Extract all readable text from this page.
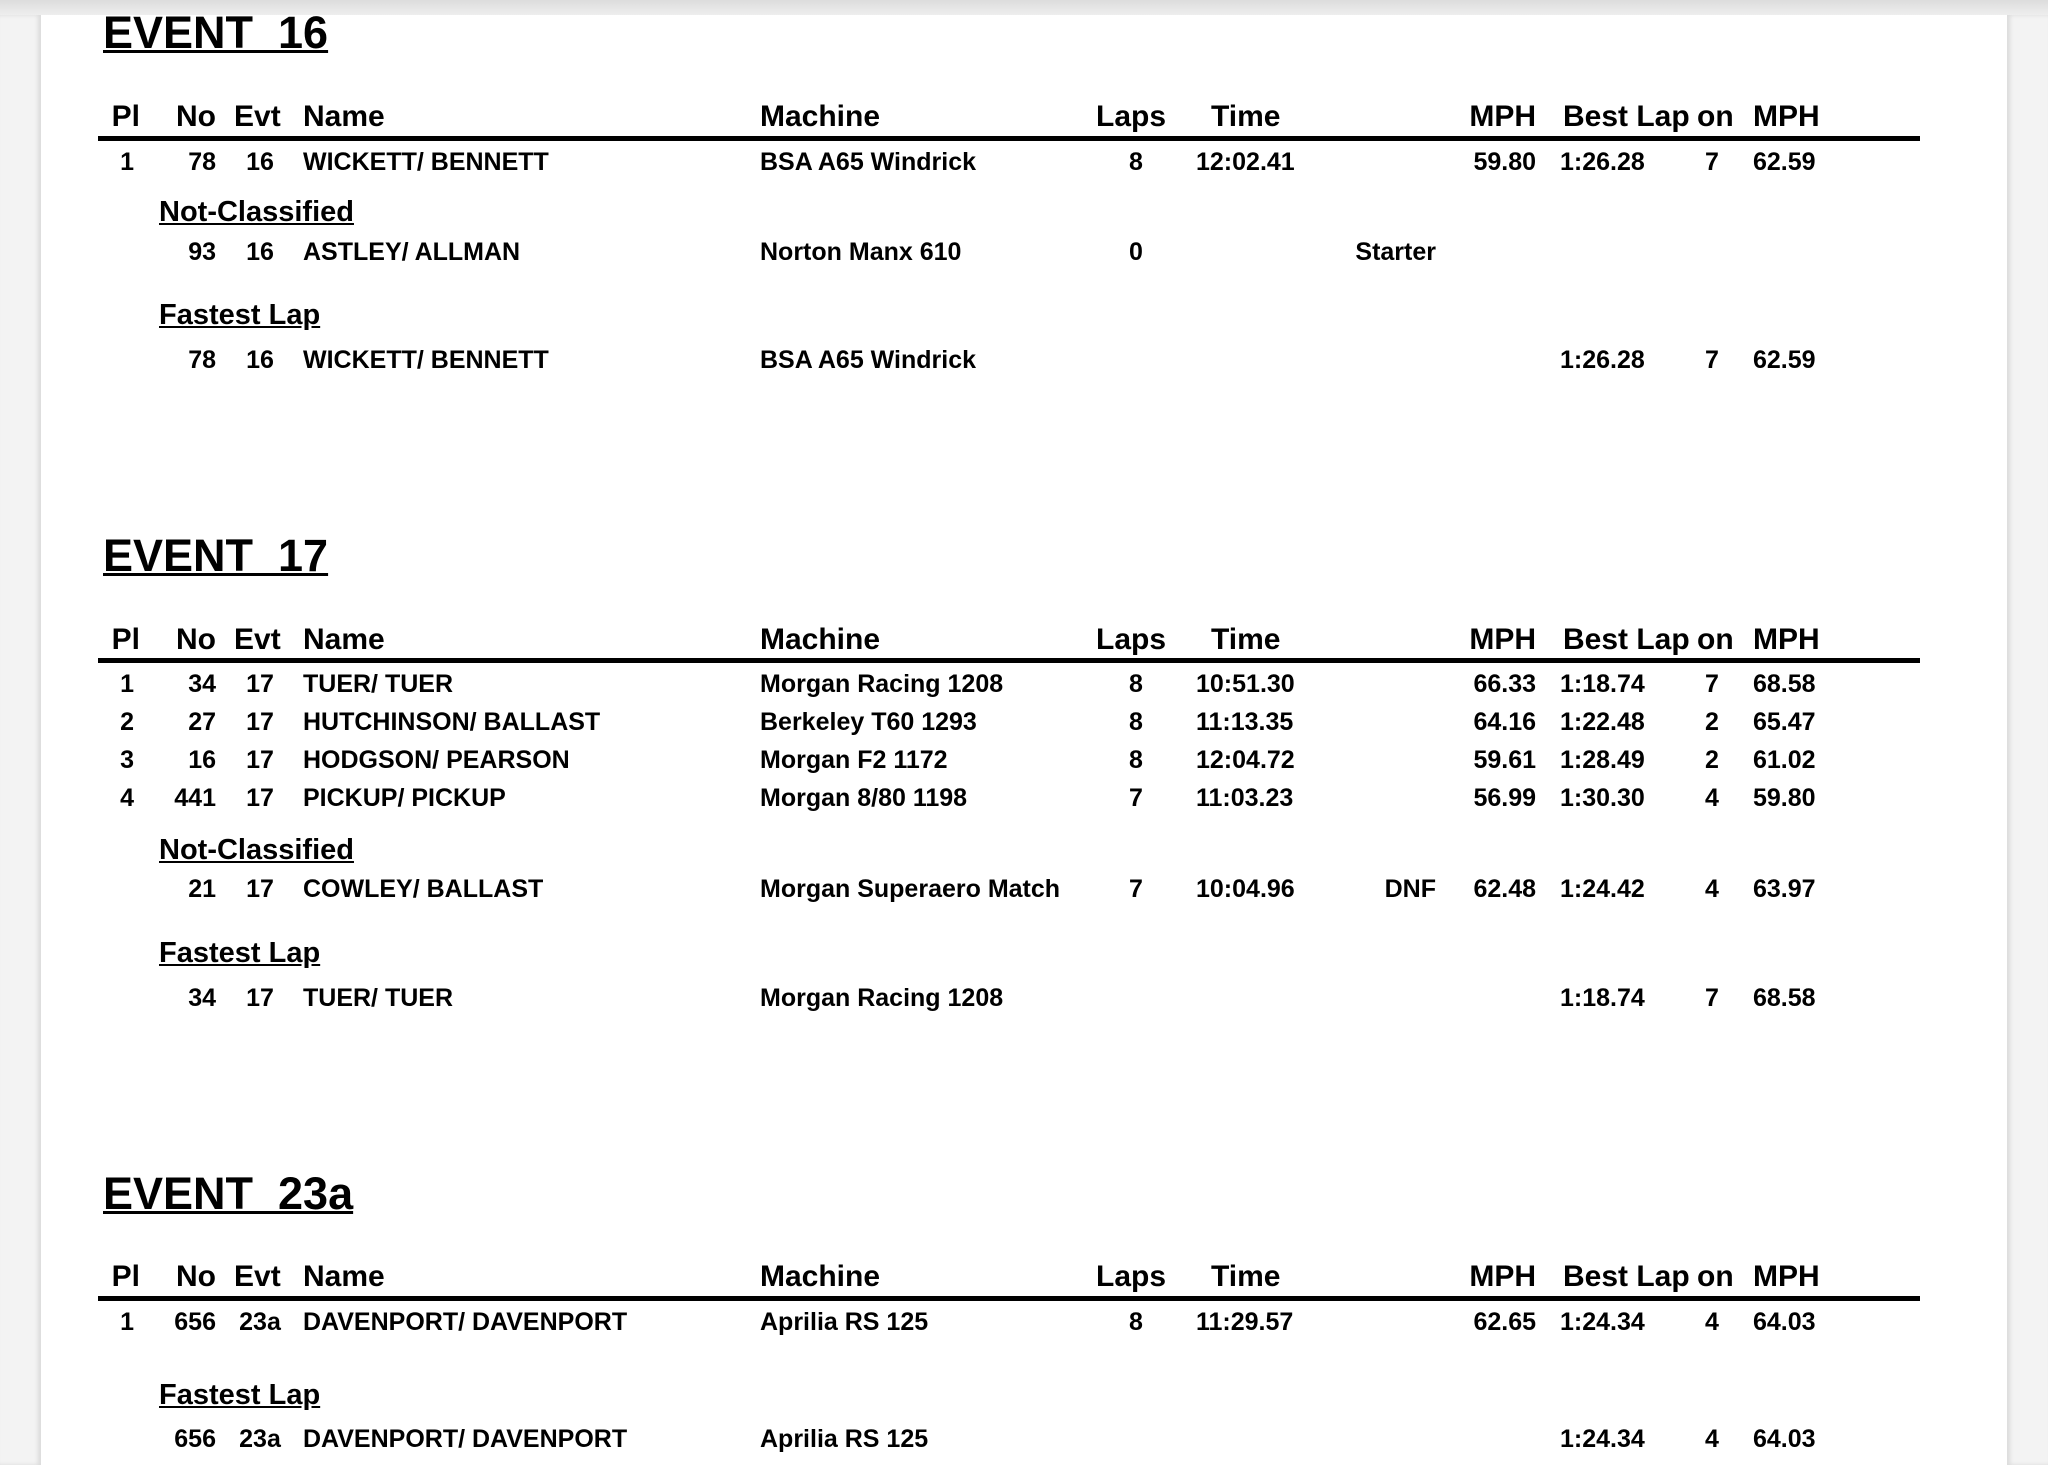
EVENT  16
Pl	No Evt Name	Machine	Laps Time	MPH Best Lap on MPH
1	78	16	WICKETT/ BENNETT	BSA A65 Windrick	8	12:02.41	59.80 1:26.28	7	62.59
Not-Classified
93	16	ASTLEY/ ALLMAN	Norton Manx 610	0	Starter
Fastest Lap
78	16	WICKETT/ BENNETT	BSA A65 Windrick	1:26.28	7	62.59
EVENT  17
Pl	No Evt Name	Machine	Laps Time	MPH Best Lap on MPH
1	34	17	TUER/ TUER	Morgan Racing 1208	8	10:51.30	66.33 1:18.74	7	68.58
2	27	17	HUTCHINSON/ BALLAST	Berkeley T60 1293	8	11:13.35	64.16 1:22.48	2	65.47
3	16	17	HODGSON/ PEARSON	Morgan F2 1172	8	12:04.72	59.61 1:28.49	2	61.02
4	441	17	PICKUP/ PICKUP	Morgan 8/80 1198	7	11:03.23	56.99 1:30.30	4	59.80
Not-Classified
21	17	COWLEY/ BALLAST	Morgan Superaero Match	7	10:04.96	DNF	62.48 1:24.42	4	63.97
Fastest Lap
34	17	TUER/ TUER	Morgan Racing 1208	1:18.74	7	68.58
EVENT  23a
Pl	No Evt Name	Machine	Laps Time	MPH Best Lap on MPH
1	656 23a DAVENPORT/ DAVENPORT	Aprilia RS 125	8	11:29.57	62.65 1:24.34	4	64.03
Fastest Lap
656 23a DAVENPORT/ DAVENPORT	Aprilia RS 125	1:24.34	4	64.03
